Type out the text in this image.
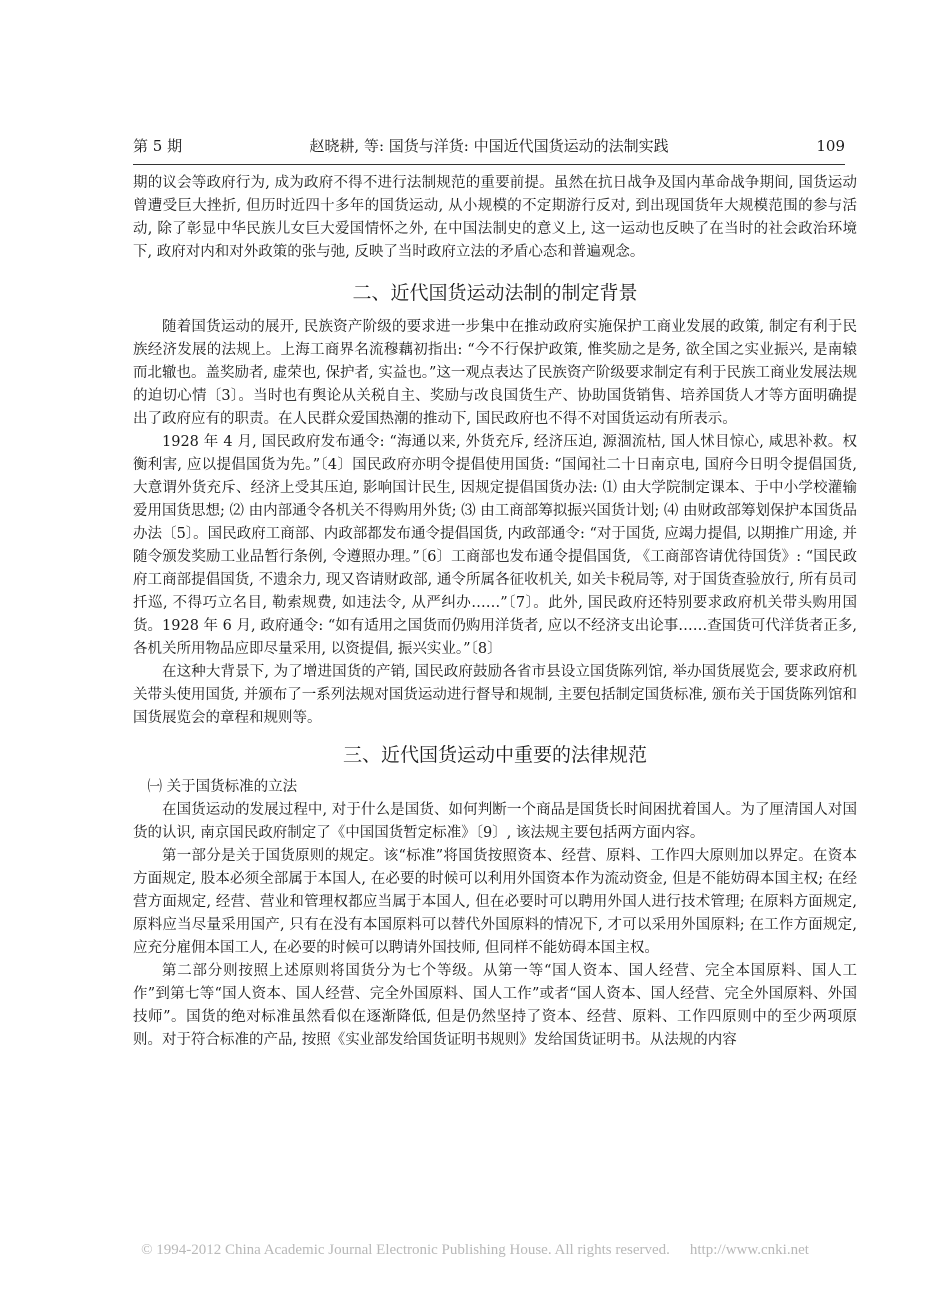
第 5 期	赵晓耕, 等: 国货与洋货: 中国近代国货运动的法制实践	109

期的议会等政府行为, 成为政府不得不进行法制规范的重要前提。虽然在抗日战争及国内革命战争期间, 国货运动曾遭受巨大挫折, 但历时近四十多年的国货运动, 从小规模的不定期游行反对, 到出现国货年大规模范围的参与活动, 除了彰显中华民族儿女巨大爱国情怀之外, 在中国法制史的意义上, 这一运动也反映了在当时的社会政治环境下, 政府对内和对外政策的张与弛, 反映了当时政府立法的矛盾心态和普遍观念。

二、近代国货运动法制的制定背景

随着国货运动的展开, 民族资产阶级的要求进一步集中在推动政府实施保护工商业发展的政策, 制定有利于民族经济发展的法规上。上海工商界名流穆藕初指出: “今不行保护政策, 惟奖励之是务, 欲全国之实业振兴, 是南辕而北辙也。盖奖励者, 虚荣也, 保护者, 实益也。”这一观点表达了民族资产阶级要求制定有利于民族工商业发展法规的迫切心情〔3〕。当时也有舆论从关税自主、奖励与改良国货生产、协助国货销售、培养国货人才等方面明确提出了政府应有的职责。在人民群众爱国热潮的推动下, 国民政府也不得不对国货运动有所表示。

1928 年 4 月, 国民政府发布通令: “海通以来, 外货充斥, 经济压迫, 源涸流枯, 国人怵目惊心, 咸思补救。权衡利害, 应以提倡国货为先。”〔4〕国民政府亦明令提倡使用国货: “国闻社二十日南京电, 国府今日明令提倡国货, 大意谓外货充斥、经济上受其压迫, 影响国计民生, 因规定提倡国货办法: ⑴ 由大学院制定课本、于中小学校灌输爱用国货思想; ⑵ 由内部通令各机关不得购用外货; ⑶ 由工商部筹拟振兴国货计划; ⑷ 由财政部筹划保护本国货品办法〔5〕。国民政府工商部、内政部都发布通令提倡国货, 内政部通令: “对于国货, 应竭力提倡, 以期推广用途, 并随令颁发奖励工业品暂行条例, 令遵照办理。”〔6〕工商部也发布通令提倡国货, 《工商部咨请优待国货》: “国民政府工商部提倡国货, 不遗余力, 现又咨请财政部, 通令所属各征收机关, 如关卡税局等, 对于国货查验放行, 所有员司扦巡, 不得巧立名目, 勒索规费, 如违法令, 从严纠办……”〔7〕。此外, 国民政府还特别要求政府机关带头购用国货。1928 年 6 月, 政府通令: “如有适用之国货而仍购用洋货者, 应以不经济支出论事……查国货可代洋货者正多, 各机关所用物品应即尽量采用, 以资提倡, 振兴实业。”〔8〕

在这种大背景下, 为了增进国货的产销, 国民政府鼓励各省市县设立国货陈列馆, 举办国货展览会, 要求政府机关带头使用国货, 并颁布了一系列法规对国货运动进行督导和规制, 主要包括制定国货标准, 颁布关于国货陈列馆和国货展览会的章程和规则等。

三、近代国货运动中重要的法律规范
㈠ 关于国货标准的立法

在国货运动的发展过程中, 对于什么是国货、如何判断一个商品是国货长时间困扰着国人。为了厘清国人对国货的认识, 南京国民政府制定了《中国国货暂定标准》〔9〕, 该法规主要包括两方面内容。

第一部分是关于国货原则的规定。该“标准”将国货按照资本、经营、原料、工作四大原则加以界定。在资本方面规定, 股本必须全部属于本国人, 在必要的时候可以利用外国资本作为流动资金, 但是不能妨碍本国主权; 在经营方面规定, 经营、营业和管理权都应当属于本国人, 但在必要时可以聘用外国人进行技术管理; 在原料方面规定, 原料应当尽量采用国产, 只有在没有本国原料可以替代外国原料的情况下, 才可以采用外国原料; 在工作方面规定, 应充分雇佣本国工人, 在必要的时候可以聘请外国技师, 但同样不能妨碍本国主权。

第二部分则按照上述原则将国货分为七个等级。从第一等“国人资本、国人经营、完全本国原料、国人工作”到第七等“国人资本、国人经营、完全外国原料、国人工作”或者“国人资本、国人经营、完全外国原料、外国技师”。国货的绝对标准虽然看似在逐渐降低, 但是仍然坚持了资本、经营、原料、工作四原则中的至少两项原则。对于符合标准的产品, 按照《实业部发给国货证明书规则》发给国货证明书。从法规的内容

© 1994-2012 China Academic Journal Electronic Publishing House. All rights reserved. http://www.cnki.net
